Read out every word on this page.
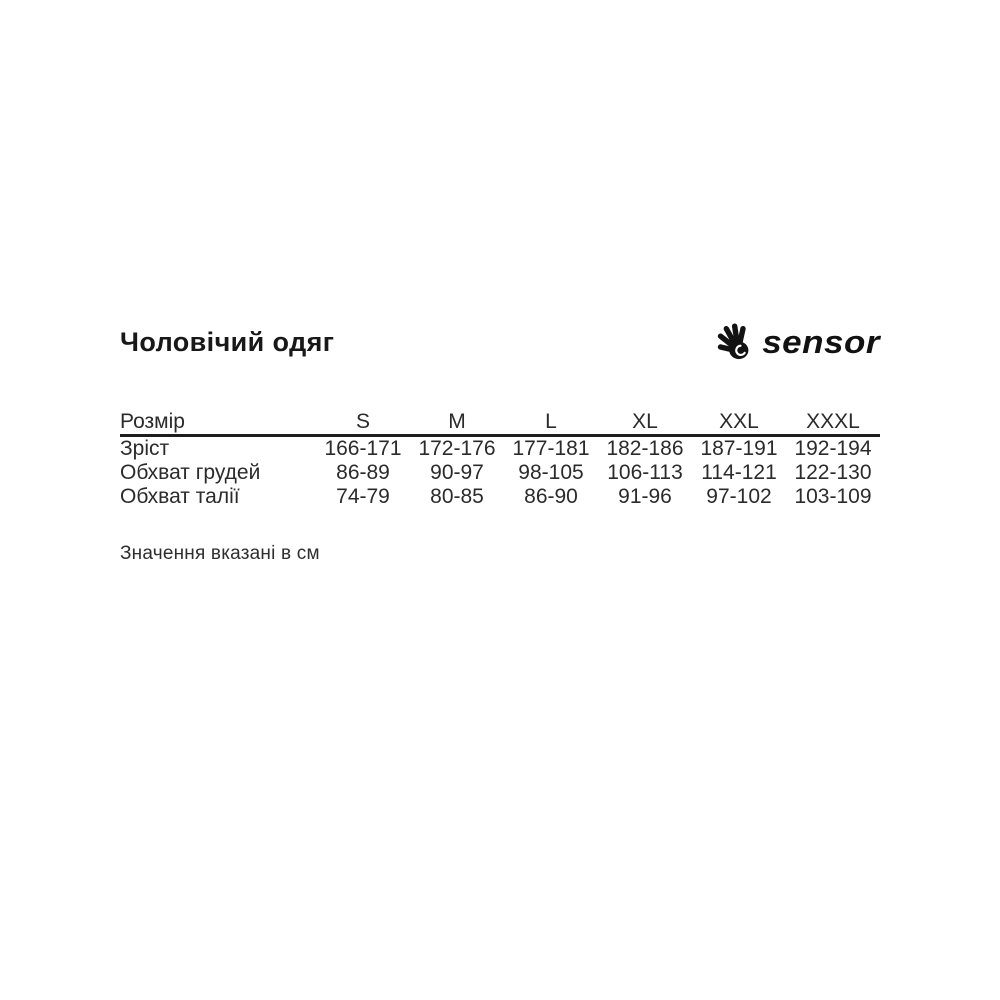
Чоловічий одяг	sensor
Розмір	S	M	L	XL	XXL	XXXL
Зріст	166-171	172-176	177-181	182-186	187-191	192-194
Обхват грудей	86-89	90-97	98-105	106-113	114-121	122-130
Обхват талії	74-79	80-85	86-90	91-96	97-102	103-109

Значення вказані в см
